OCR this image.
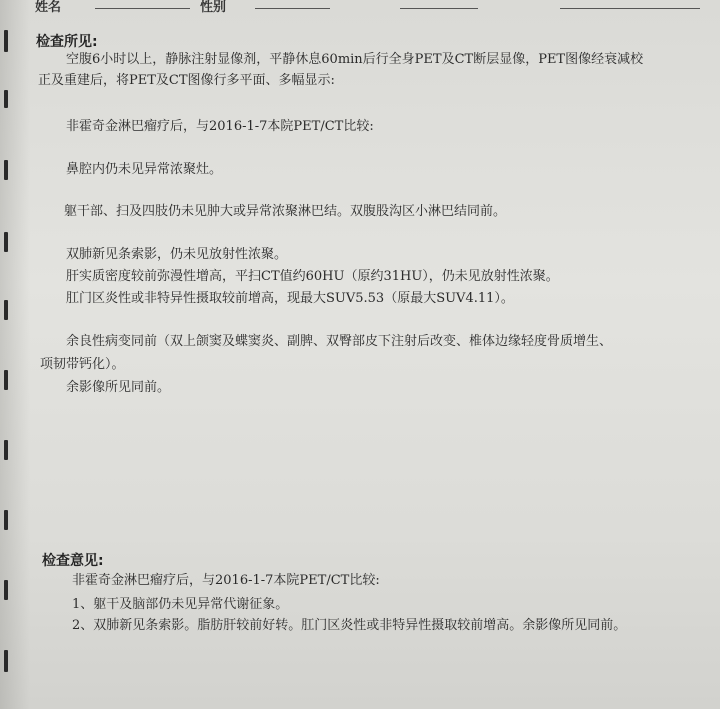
姓名	性别
检查所见:
空腹6小时以上，静脉注射显像剂，平静休息60min后行全身PET及CT断层显像，PET图像经衰减校
正及重建后，将PET及CT图像行多平面、多幅显示:
非霍奇金淋巴瘤疗后，与2016-1-7本院PET/CT比较:
鼻腔内仍未见异常浓聚灶。
躯干部、扫及四肢仍未见肿大或异常浓聚淋巴结。双腹股沟区小淋巴结同前。
双肺新见条索影，仍未见放射性浓聚。
肝实质密度较前弥漫性增高，平扫CT值约60HU（原约31HU），仍未见放射性浓聚。
肛门区炎性或非特异性摄取较前增高，现最大SUV5.53（原最大SUV4.11）。
余良性病变同前（双上颌窦及蝶窦炎、副脾、双臀部皮下注射后改变、椎体边缘轻度骨质增生、
项韧带钙化）。
余影像所见同前。
检查意见:
非霍奇金淋巴瘤疗后，与2016-1-7本院PET/CT比较:
1、躯干及脑部仍未见异常代谢征象。
2、双肺新见条索影。脂肪肝较前好转。肛门区炎性或非特异性摄取较前增高。余影像所见同前。
